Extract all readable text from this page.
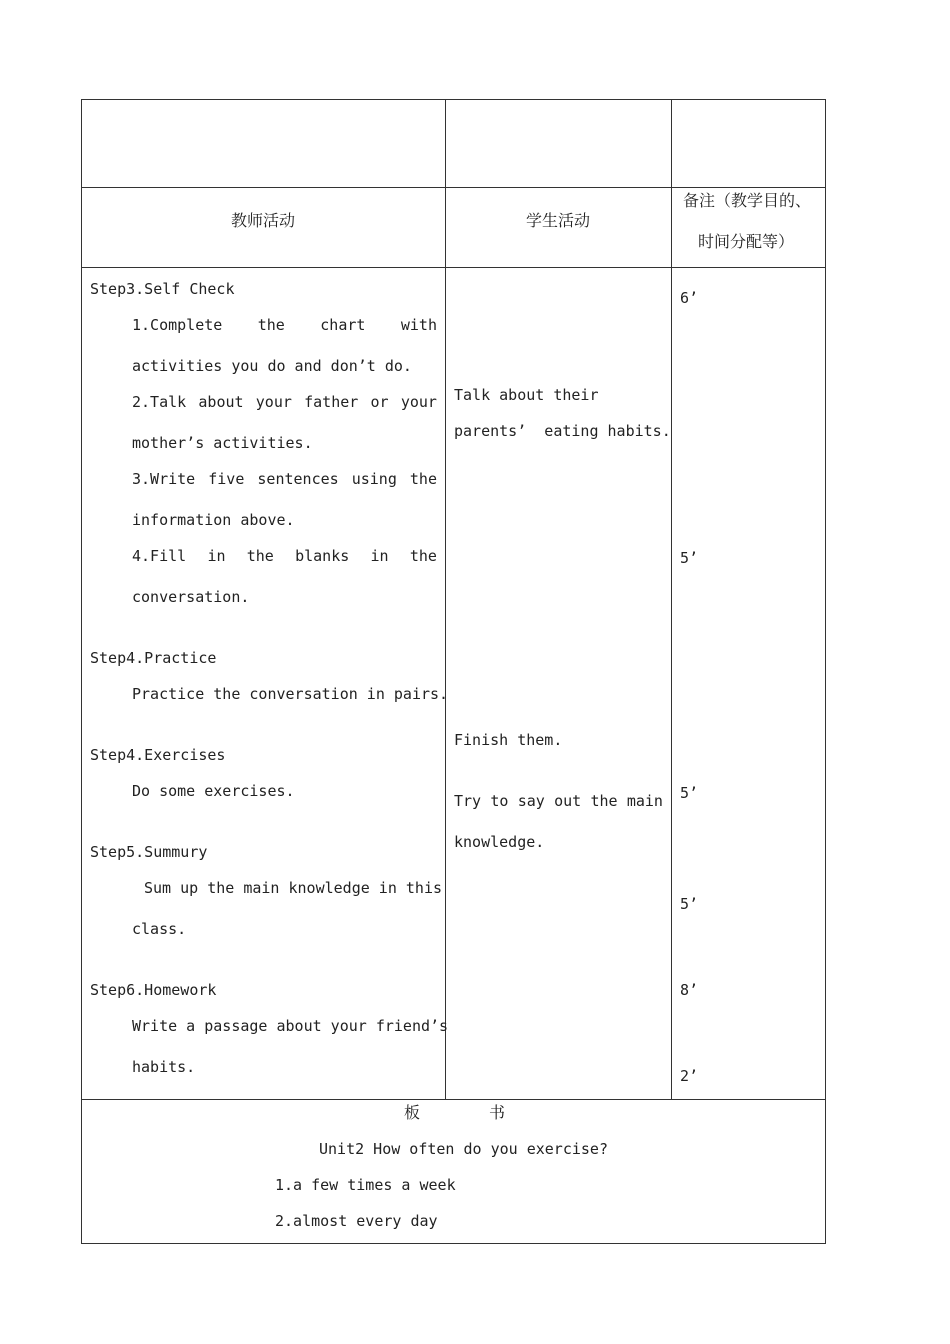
教师活动	学生活动
备注（教学目的、
时间分配等）
Step3.Self Check
1.Complete the chart with
activities you do and don’t do.
2.Talk about your father or your
mother’s activities.
3.Write five sentences using the
information above.
4.Fill in the blanks in the
conversation.
Step4.Practice
Practice the conversation in pairs.
Step4.Exercises
Do some exercises.
Step5.Summury
Sum up the main knowledge in this
class.
Step6.Homework
Write a passage about your friend’s
habits.
Talk about their
parents’  eating habits.
Finish them.
Try to say out the main
knowledge.
6’
5’
5’
5’
8’
2’
板	书
Unit2 How often do you exercise?
1.a few times a week
2.almost every day
